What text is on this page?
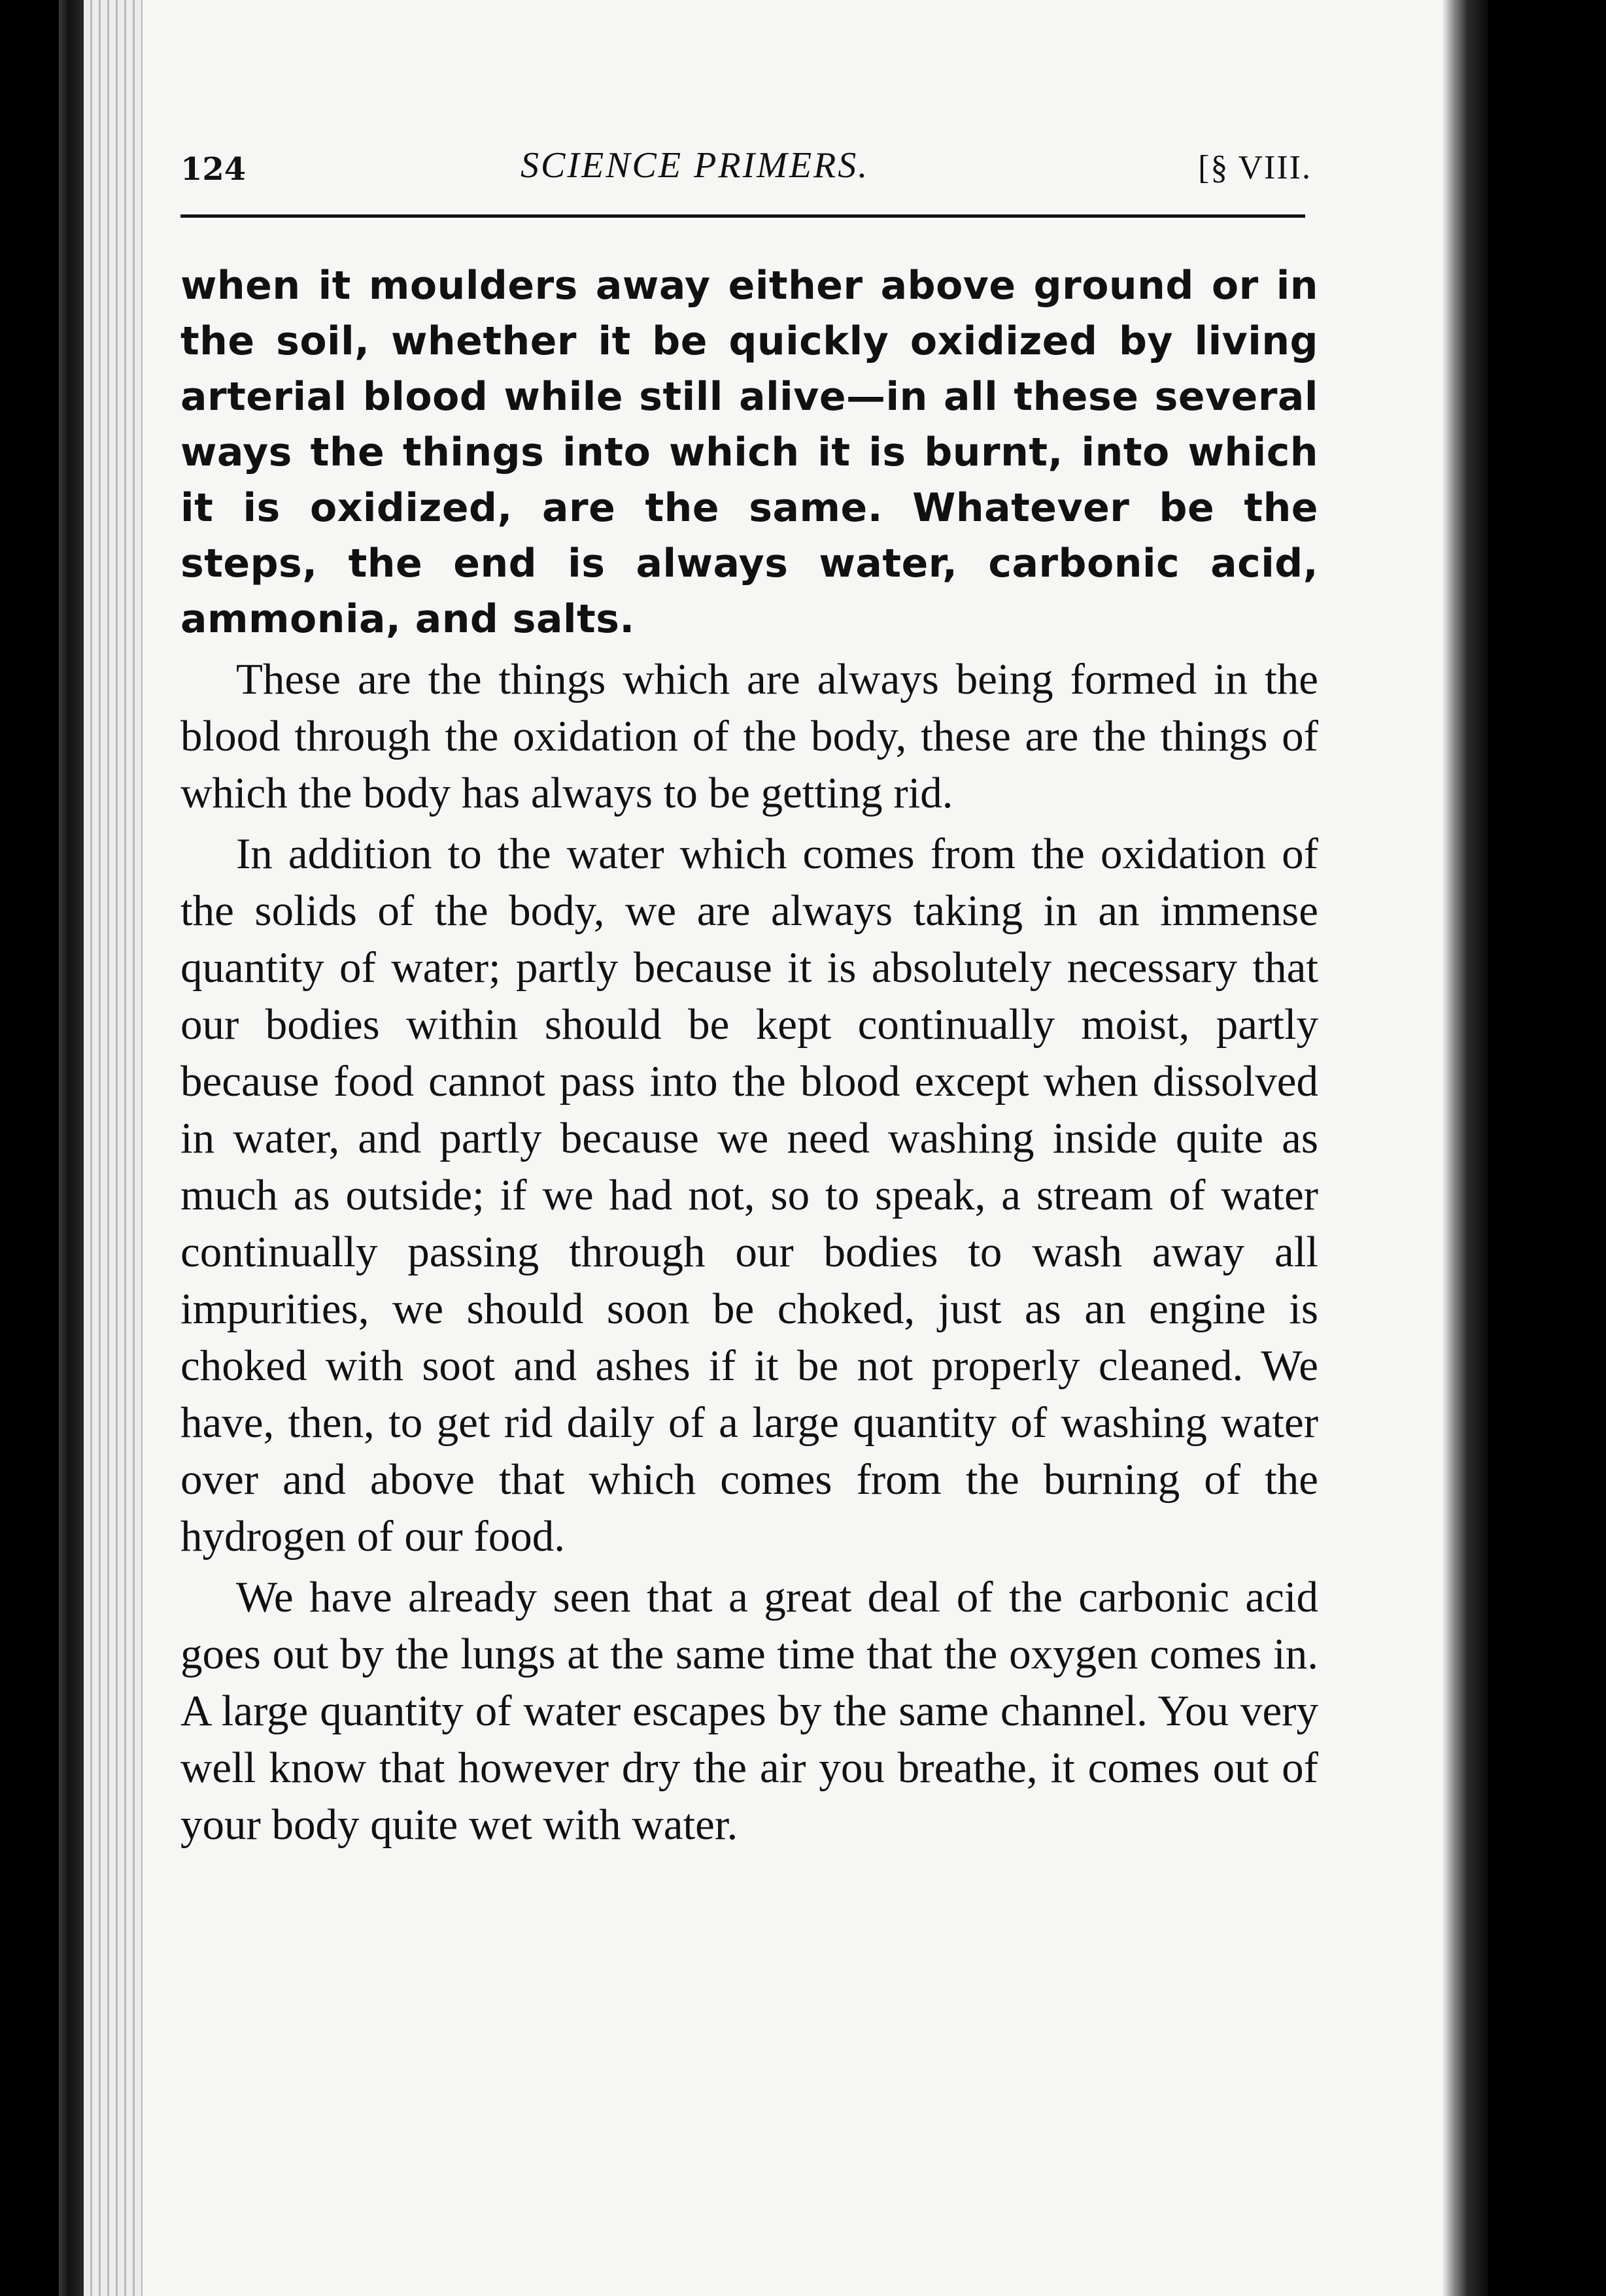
124	SCIENCE PRIMERS.	[§ VIII.

when it moulders away either above ground or in the soil, whether it be quickly oxidized by living arterial blood while still alive—in all these several ways the things into which it is burnt, into which it is oxidized, are the same. Whatever be the steps, the end is always water, carbonic acid, ammonia, and salts.

These are the things which are always being formed in the blood through the oxidation of the body, these are the things of which the body has always to be getting rid.

In addition to the water which comes from the oxidation of the solids of the body, we are always taking in an immense quantity of water; partly because it is absolutely necessary that our bodies within should be kept continually moist, partly because food cannot pass into the blood except when dissolved in water, and partly because we need washing inside quite as much as outside; if we had not, so to speak, a stream of water continually passing through our bodies to wash away all impurities, we should soon be choked, just as an engine is choked with soot and ashes if it be not properly cleaned. We have, then, to get rid daily of a large quantity of washing water over and above that which comes from the burning of the hydrogen of our food.

We have already seen that a great deal of the carbonic acid goes out by the lungs at the same time that the oxygen comes in. A large quantity of water escapes by the same channel. You very well know that however dry the air you breathe, it comes out of your body quite wet with water.
